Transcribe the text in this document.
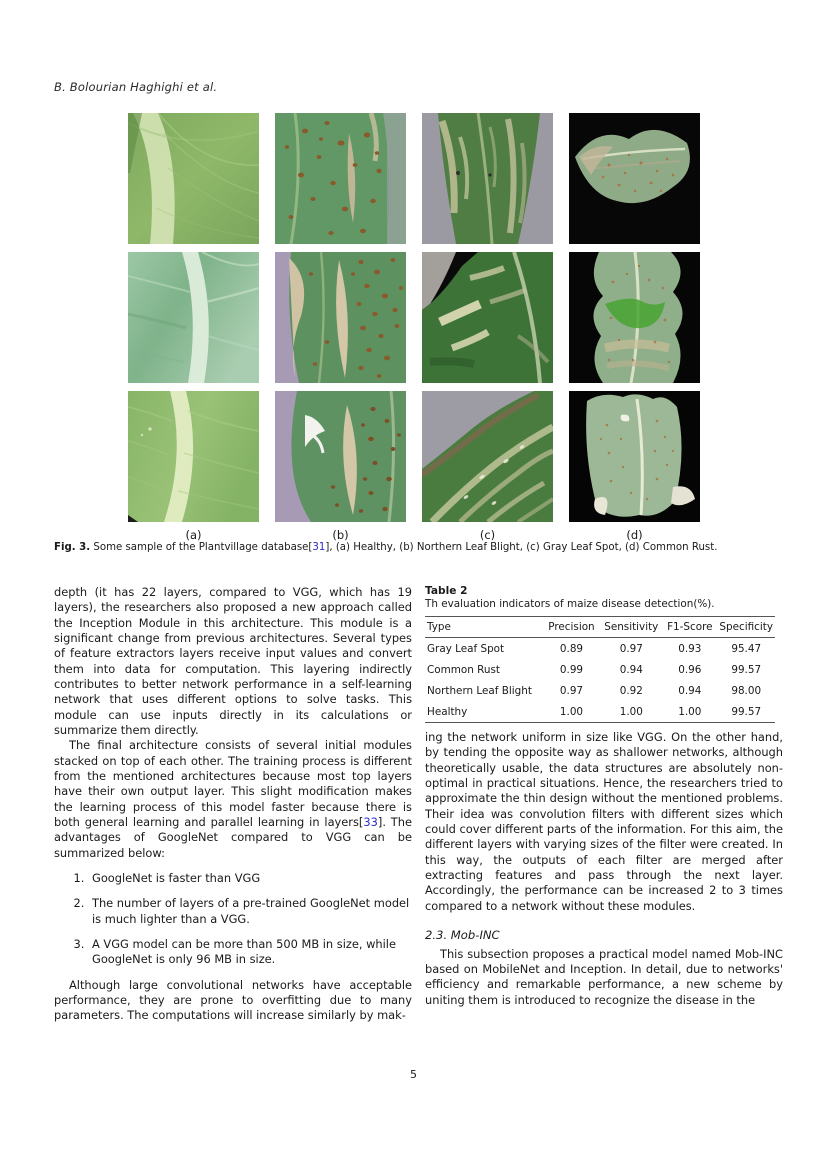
B. Bolourian Haghighi et al.
(a)	(b)	(c)	(d)
Fig. 3. Some sample of the Plantvillage database[31], (a) Healthy, (b) Northern Leaf Blight, (c) Gray Leaf Spot, (d) Common Rust.

depth (it has 22 layers, compared to VGG, which has 19 layers), the researchers also proposed a new approach called the Inception Module in this architecture. This module is a significant change from previous architectures. Several types of feature extractors layers receive input values and convert them into data for computation. This layering indirectly contributes to better network performance in a self-learning network that uses different options to solve tasks. This module can use inputs directly in its calculations or summarize them directly.

The final architecture consists of several initial modules stacked on top of each other. The training process is different from the mentioned architectures because most top layers have their own output layer. This slight modification makes the learning process of this model faster because there is both general learning and parallel learning in layers[33]. The advantages of GoogleNet compared to VGG can be summarized below:

1. GoogleNet is faster than VGG
2. The number of layers of a pre-trained GoogleNet model is much lighter than a VGG.
3. A VGG model can be more than 500 MB in size, while GoogleNet is only 96 MB in size.

Although large convolutional networks have acceptable performance, they are prone to overfitting due to many parameters. The computations will increase similarly by mak-

Table 2
Th evaluation indicators of maize disease detection(%).
Type	Precision	Sensitivity	F1-Score	Specificity
Gray Leaf Spot	0.89	0.97	0.93	95.47
Common Rust	0.99	0.94	0.96	99.57
Northern Leaf Blight	0.97	0.92	0.94	98.00
Healthy	1.00	1.00	1.00	99.57

ing the network uniform in size like VGG. On the other hand, by tending the opposite way as shallower networks, although theoretically usable, the data structures are absolutely non-optimal in practical situations. Hence, the researchers tried to approximate the thin design without the mentioned problems. Their idea was convolution filters with different sizes which could cover different parts of the information. For this aim, the different layers with varying sizes of the filter were created. In this way, the outputs of each filter are merged after extracting features and pass through the next layer. Accordingly, the performance can be increased 2 to 3 times compared to a network without these modules.

2.3. Mob-INC

This subsection proposes a practical model named Mob-INC based on MobileNet and Inception. In detail, due to networks' efficiency and remarkable performance, a new scheme by uniting them is introduced to recognize the disease in the

5
